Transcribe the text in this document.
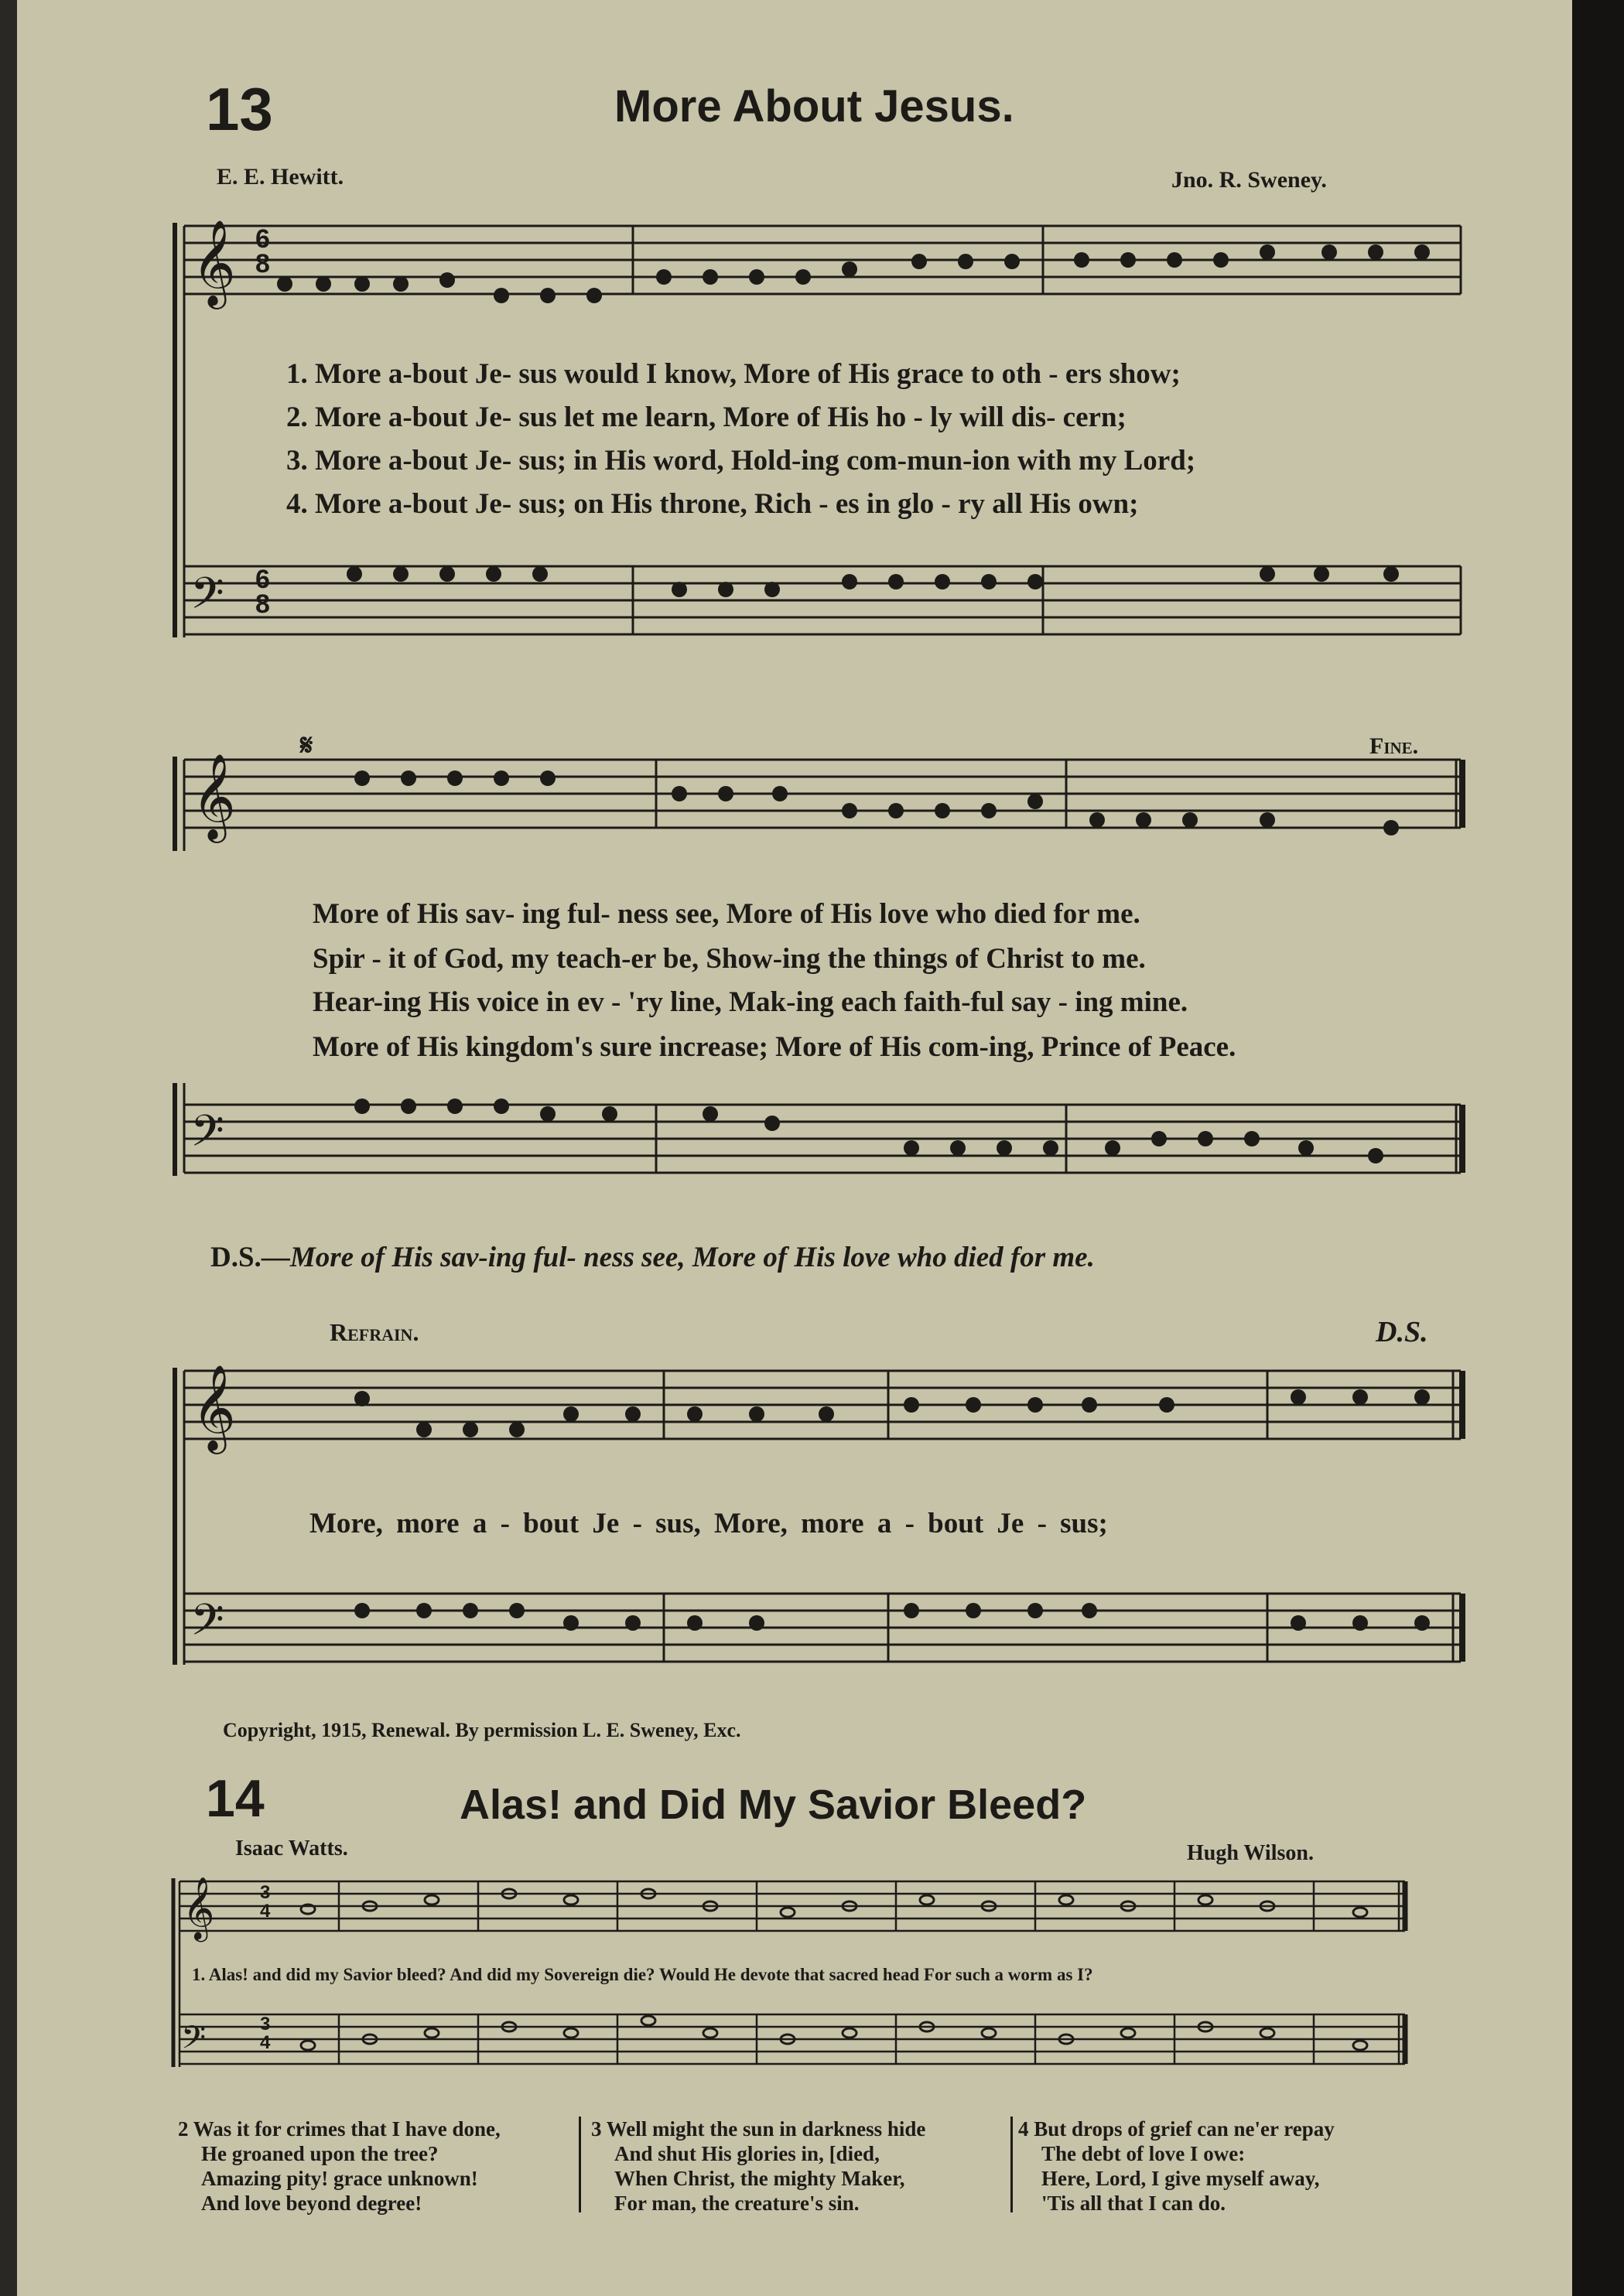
13	More About Jesus.
E. E. Hewitt.	Jno. R. Sweney.
𝄞
𝄢
6
8
6
8
1. More a-bout Je- sus would I know, More of His grace to oth - ers show;
2. More a-bout Je- sus let me learn, More of His ho - ly will dis- cern;
3. More a-bout Je- sus; in His word, Hold-ing com-mun-ion with my Lord;
4. More a-bout Je- sus; on His throne, Rich - es in glo - ry all His own;
𝄋	Fine.
𝄞
More of His sav- ing ful- ness see, More of His love who died for me.
Spir - it of God, my teach-er be, Show-ing the things of Christ to me.
Hear-ing His voice in ev - 'ry line, Mak-ing each faith-ful say - ing mine.
More of His kingdom's sure increase; More of His com-ing, Prince of Peace.
𝄢
D.S.—More of His sav-ing ful- ness see, More of His love who died for me.
Refrain.	D.S.
𝄞
𝄢
More, more a - bout Je - sus, More, more a - bout Je - sus;
Copyright, 1915, Renewal. By permission L. E. Sweney, Exc.
14	Alas! and Did My Savior Bleed?
Isaac Watts.	Hugh Wilson.
𝄞
𝄢
3
4
3
4
1. Alas! and did my Savior bleed? And did my Sovereign die? Would He devote that sacred head For such a worm as I?
2 Was it for crimes that I have done,
He groaned upon the tree?
Amazing pity! grace unknown!
And love beyond degree!
3 Well might the sun in darkness hide
And shut His glories in, [died,
When Christ, the mighty Maker,
For man, the creature's sin.
4 But drops of grief can ne'er repay
The debt of love I owe:
Here, Lord, I give myself away,
'Tis all that I can do.
